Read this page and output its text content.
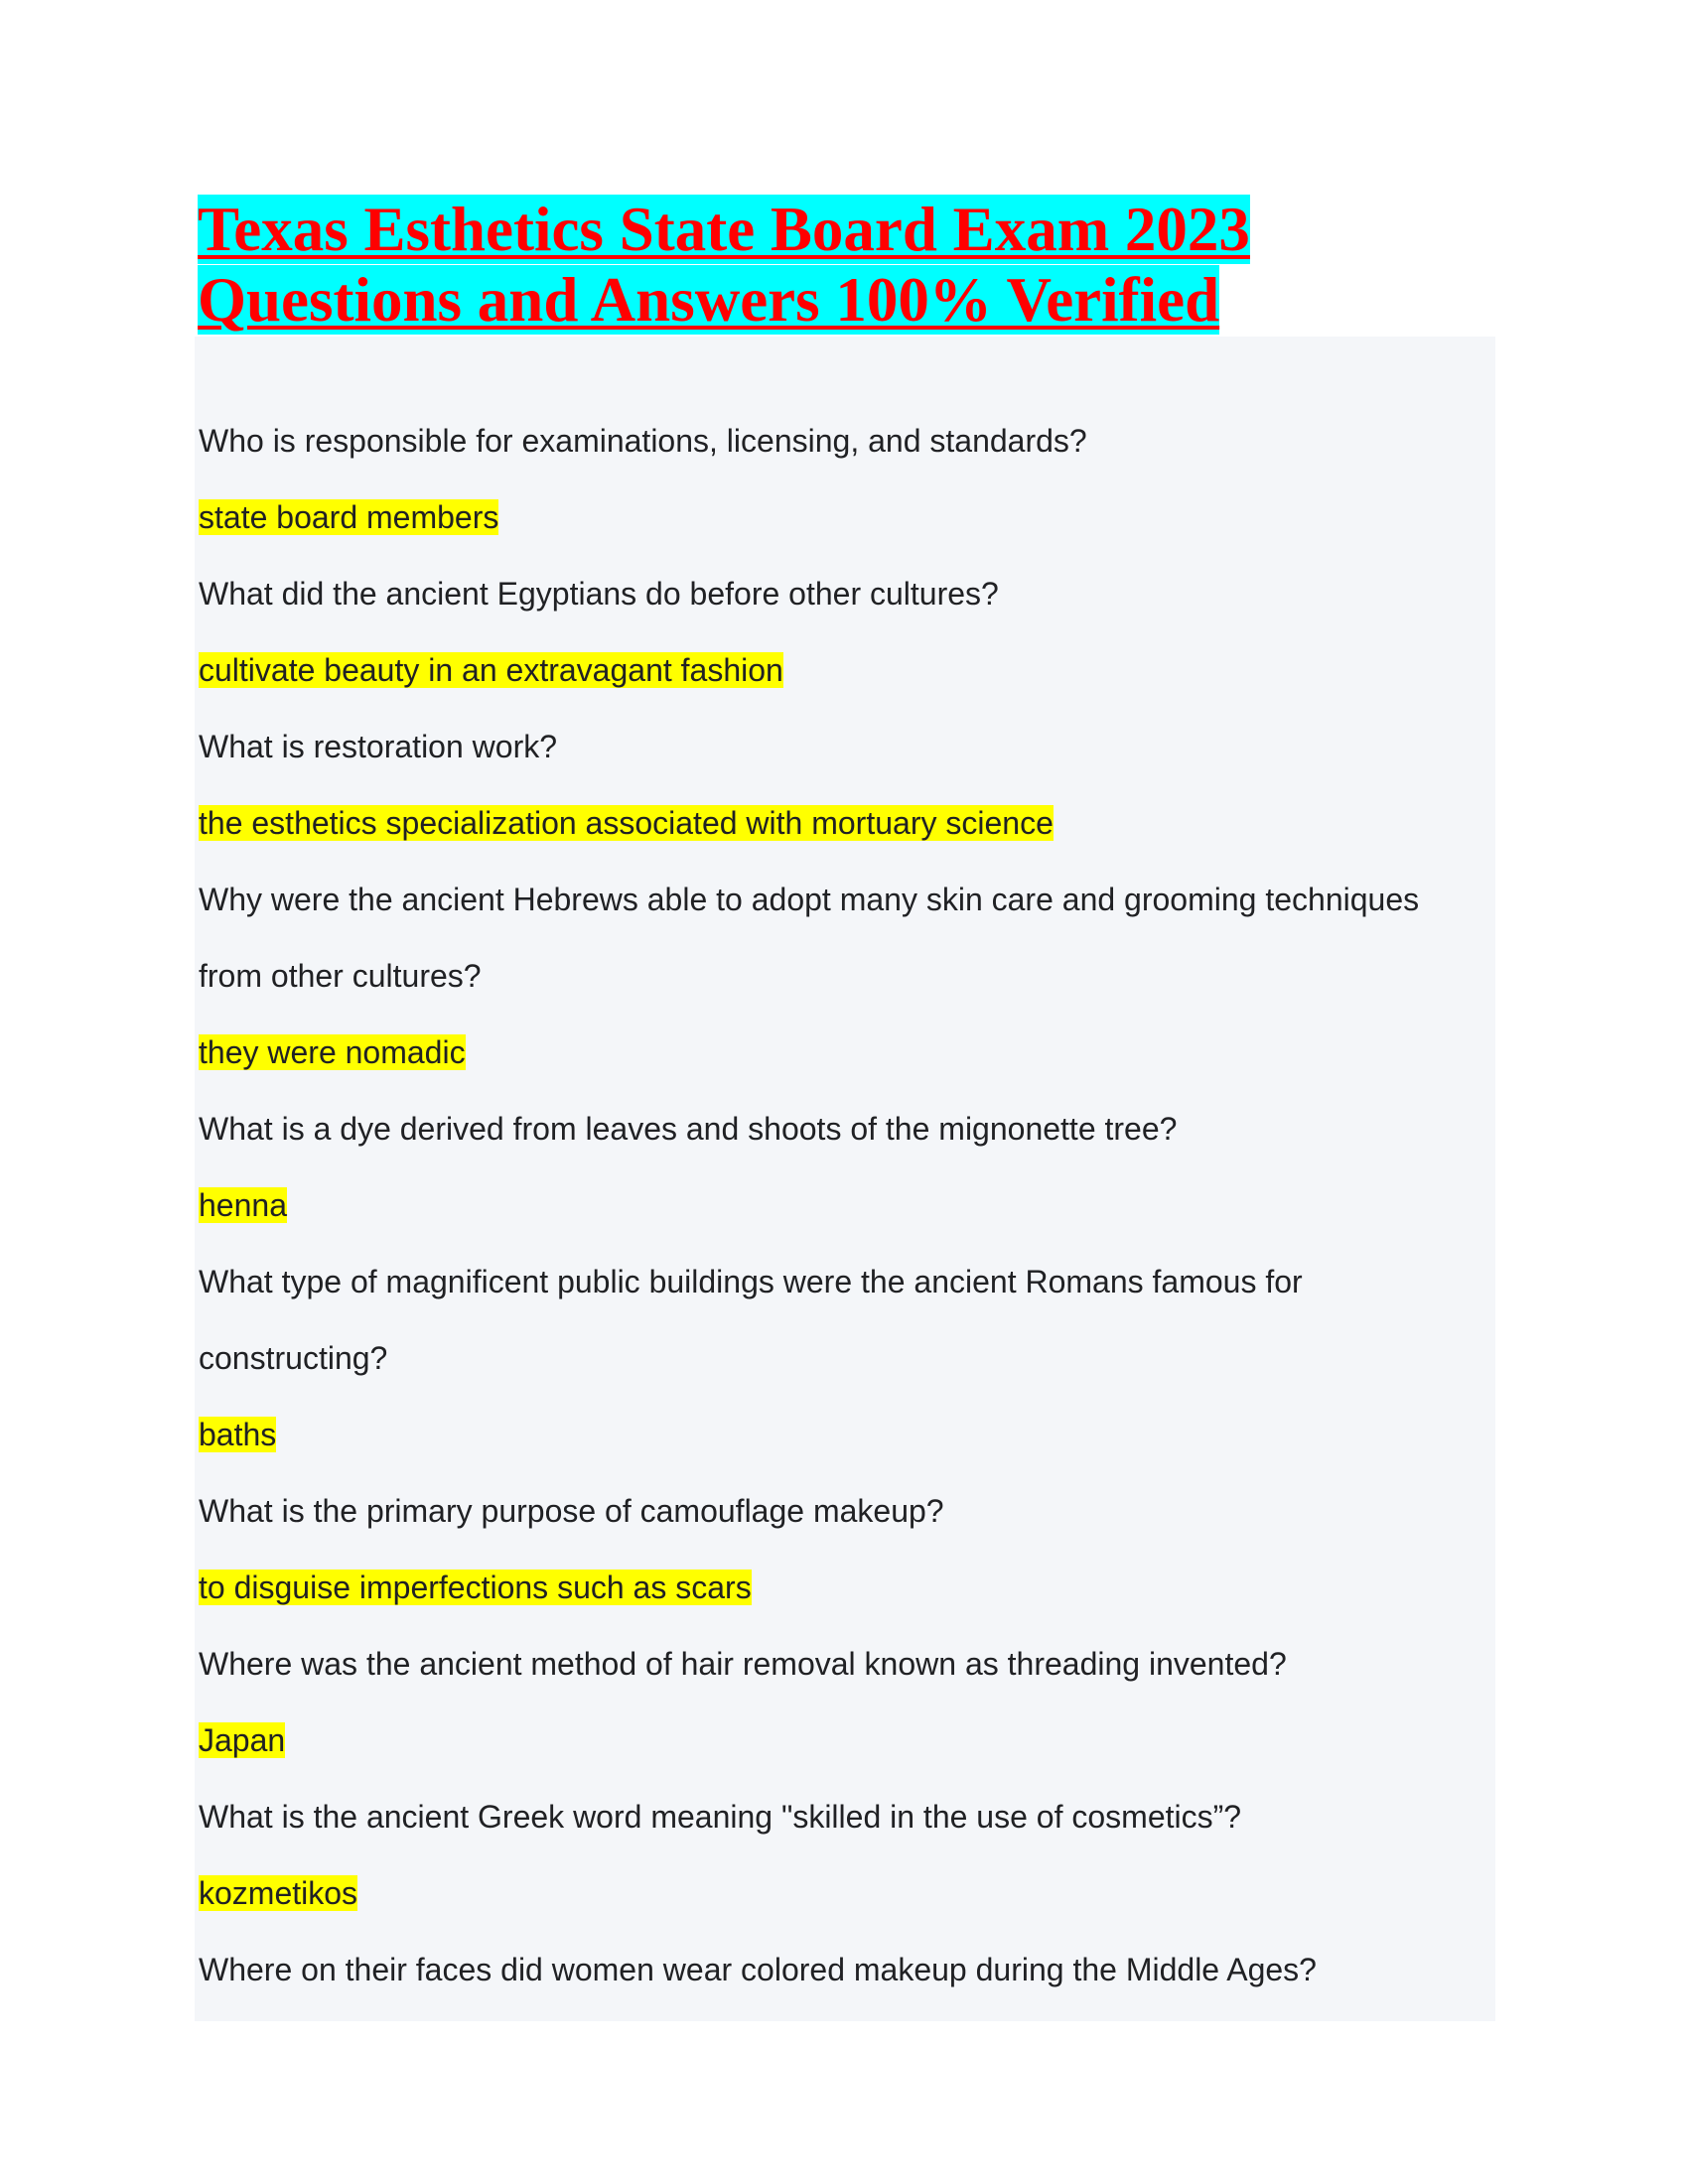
Texas Esthetics State Board Exam 2023
Questions and Answers 100% Verified

Who is responsible for examinations, licensing, and standards?

state board members

What did the ancient Egyptians do before other cultures?

cultivate beauty in an extravagant fashion

What is restoration work?

the esthetics specialization associated with mortuary science

Why were the ancient Hebrews able to adopt many skin care and grooming techniques

from other cultures?

they were nomadic

What is a dye derived from leaves and shoots of the mignonette tree?

henna

What type of magnificent public buildings were the ancient Romans famous for

constructing?

baths

What is the primary purpose of camouflage makeup?

to disguise imperfections such as scars

Where was the ancient method of hair removal known as threading invented?

Japan

What is the ancient Greek word meaning "skilled in the use of cosmetics”?

kozmetikos

Where on their faces did women wear colored makeup during the Middle Ages?
